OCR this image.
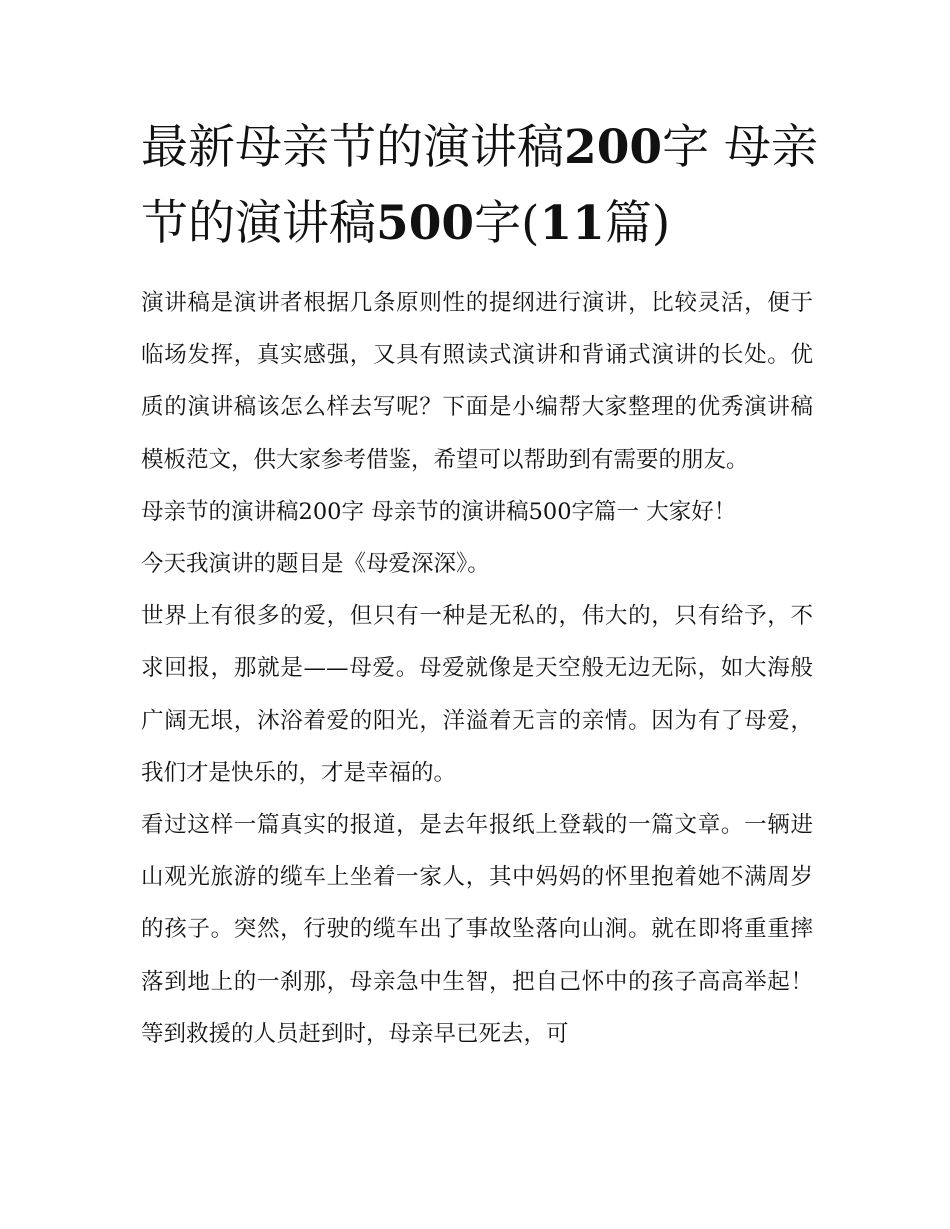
最新母亲节的演讲稿200字 母亲节的演讲稿500字(11篇)

演讲稿是演讲者根据几条原则性的提纲进行演讲，比较灵活，便于临场发挥，真实感强，又具有照读式演讲和背诵式演讲的长处。优质的演讲稿该怎么样去写呢？下面是小编帮大家整理的优秀演讲稿模板范文，供大家参考借鉴，希望可以帮助到有需要的朋友。

母亲节的演讲稿200字 母亲节的演讲稿500字篇一 大家好！

今天我演讲的题目是《母爱深深》。

世界上有很多的爱，但只有一种是无私的，伟大的，只有给予，不求回报，那就是——母爱。母爱就像是天空般无边无际，如大海般广阔无垠，沐浴着爱的阳光，洋溢着无言的亲情。因为有了母爱，我们才是快乐的，才是幸福的。

看过这样一篇真实的报道，是去年报纸上登载的一篇文章。一辆进山观光旅游的缆车上坐着一家人，其中妈妈的怀里抱着她不满周岁的孩子。突然，行驶的缆车出了事故坠落向山涧。就在即将重重摔落到地上的一刹那，母亲急中生智，把自己怀中的孩子高高举起！等到救援的人员赶到时，母亲早已死去，可
